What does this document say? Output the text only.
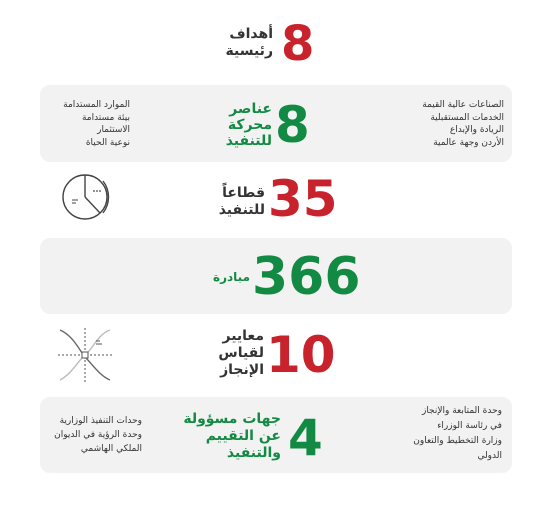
8
أهداف
رئيسية
الصناعات عالية القيمة
الخدمات المستقبلية
الريادة والإبداع
الأردن وجهة عالمية
8
عناصر
محركة
للتنفيذ
الموارد المستدامة
بيئة مستدامة
الاستثمار
نوعية الحياة
35
قطاعاً
للتنفيذ
366
مبادرة
10
معايير
لقياس
الإنجاز
وحدة المتابعة والإنجاز
في رئاسة الوزراء
وزارة التخطيط والتعاون
الدولي
4
جهات مسؤولة
عن التقييم
والتنفيذ
وحدات التنفيذ الوزارية
وحدة الرؤية في الديوان
الملكي الهاشمي
